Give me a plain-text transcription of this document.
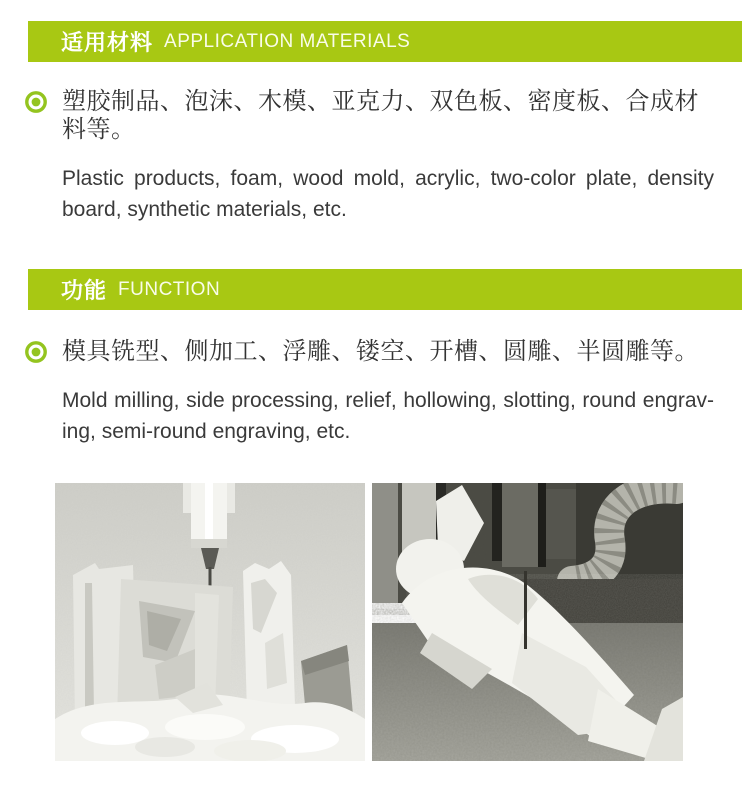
适用材料 APPLICATION MATERIALS
塑胶制品、泡沫、木模、亚克力、双色板、密度板、合成材料等。
Plastic products, foam, wood mold, acrylic, two-color plate, density
board, synthetic materials, etc.
功能 FUNCTION
模具铣型、侧加工、浮雕、镂空、开槽、圆雕、半圆雕等。
Mold milling, side processing, relief, hollowing, slotting, round engrav-
ing, semi-round engraving, etc.
